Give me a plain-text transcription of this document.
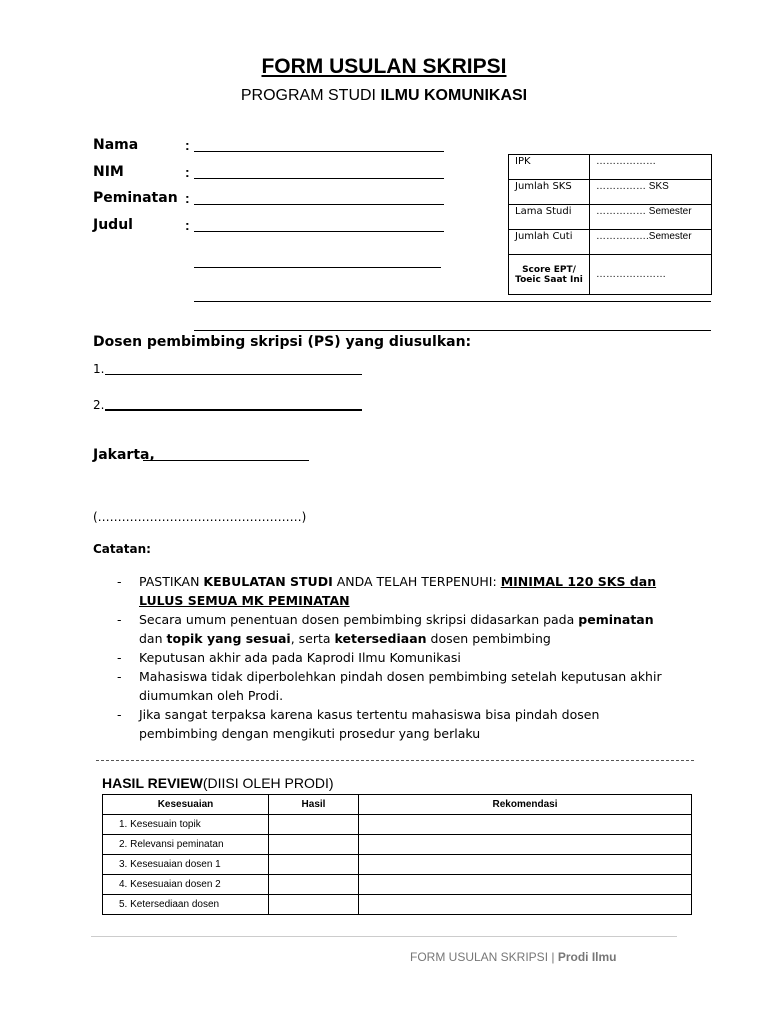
FORM USULAN SKRIPSI
PROGRAM STUDI ILMU KOMUNIKASI
Nama	:
NIM	:
Peminatan :
Judul	:
IPK	………………
Jumlah SKS	…………… SKS
Lama Studi	…………… Semester
Jumlah Cuti	…………….Semester
Score EPT/ Toeic Saat Ini	…………………
Dosen pembimbing skripsi (PS) yang diusulkan:
1.
2.
Jakarta,
(……………………………………………)
Catatan:
- PASTIKAN KEBULATAN STUDI ANDA TELAH TERPENUHI: MINIMAL 120 SKS dan LULUS SEMUA MK PEMINATAN
- Secara umum penentuan dosen pembimbing skripsi didasarkan pada peminatan dan topik yang sesuai, serta ketersediaan dosen pembimbing
- Keputusan akhir ada pada Kaprodi Ilmu Komunikasi
- Mahasiswa tidak diperbolehkan pindah dosen pembimbing setelah keputusan akhir diumumkan oleh Prodi.
- Jika sangat terpaksa karena kasus tertentu mahasiswa bisa pindah dosen pembimbing dengan mengikuti prosedur yang berlaku
HASIL REVIEW(DIISI OLEH PRODI)
Kesesuaian	Hasil	Rekomendasi
1. Kesesuain topik		
2. Relevansi peminatan		
3. Kesesuaian dosen 1		
4. Kesesuaian dosen 2		
5. Ketersediaan dosen		
FORM USULAN SKRIPSI | Prodi Ilmu
